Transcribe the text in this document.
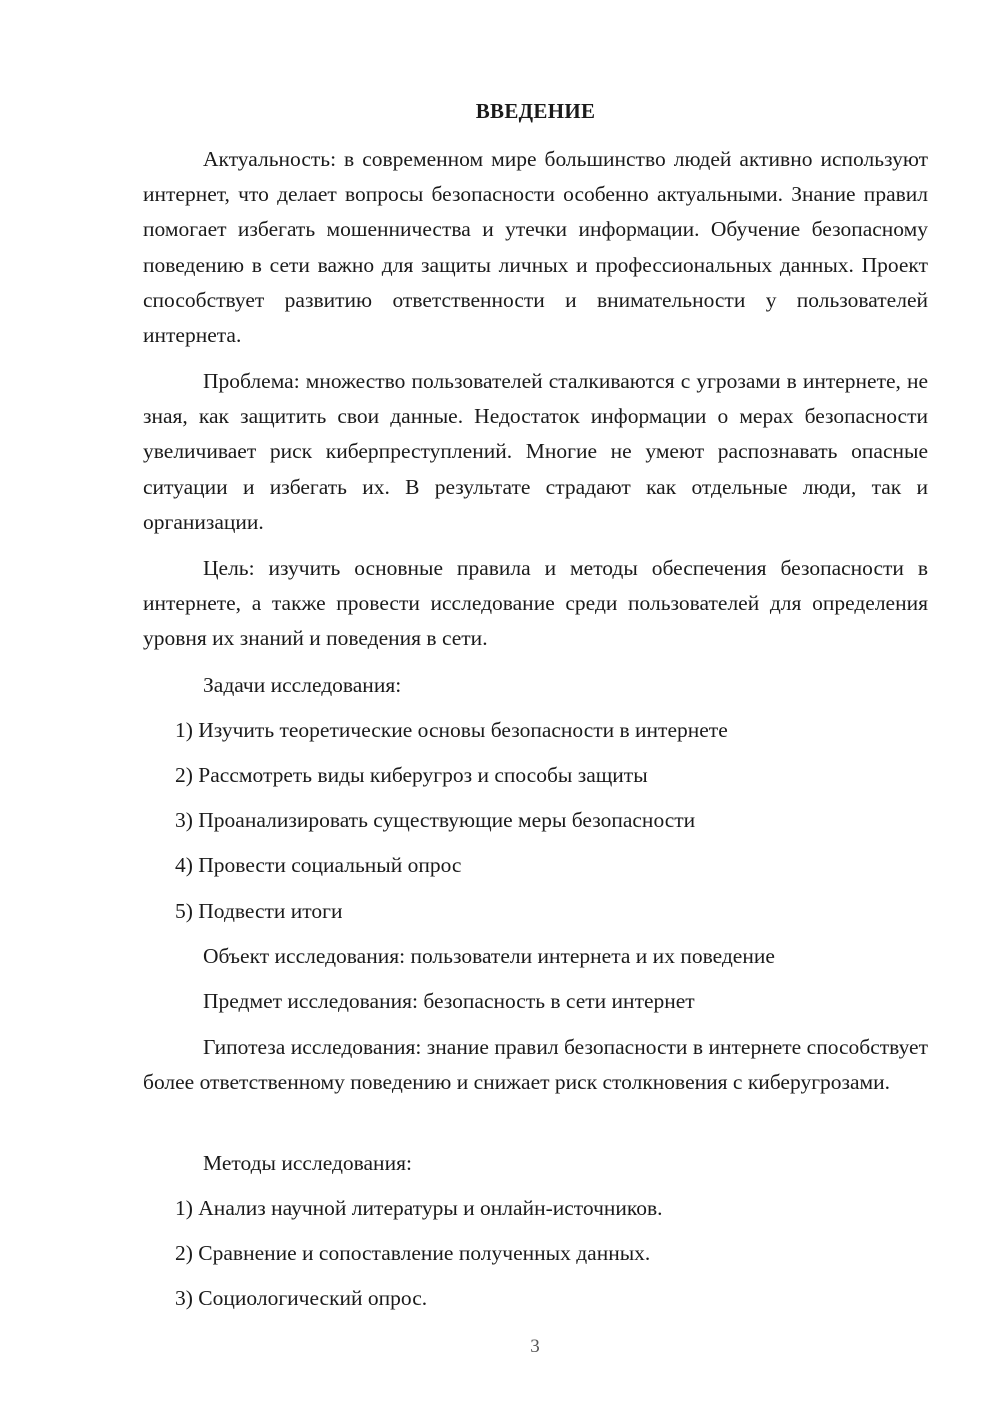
ВВЕДЕНИЕ

Актуальность: в современном мире большинство людей активно используют интернет, что делает вопросы безопасности особенно актуальными. Знание правил помогает избегать мошенничества и утечки информации. Обучение безопасному поведению в сети важно для защиты личных и профессиональных данных. Проект способствует развитию ответственности и внимательности у пользователей интернета.

Проблема: множество пользователей сталкиваются с угрозами в интернете, не зная, как защитить свои данные. Недостаток информации о мерах безопасности увеличивает риск киберпреступлений. Многие не умеют распознавать опасные ситуации и избегать их. В результате страдают как отдельные люди, так и организации.

Цель: изучить основные правила и методы обеспечения безопасности в интернете, а также провести исследование среди пользователей для определения уровня их знаний и поведения в сети.

Задачи исследования:

1) Изучить теоретические основы безопасности в интернете

2) Рассмотреть виды киберугроз и способы защиты

3) Проанализировать существующие меры безопасности

4) Провести социальный опрос

5) Подвести итоги

Объект исследования: пользователи интернета и их поведение

Предмет исследования: безопасность в сети интернет

Гипотеза исследования: знание правил безопасности в интернете способствует более ответственному поведению и снижает риск столкновения с киберугрозами.

Методы исследования:

1) Анализ научной литературы и онлайн-источников.

2) Сравнение и сопоставление полученных данных.

3) Социологический опрос.

3
